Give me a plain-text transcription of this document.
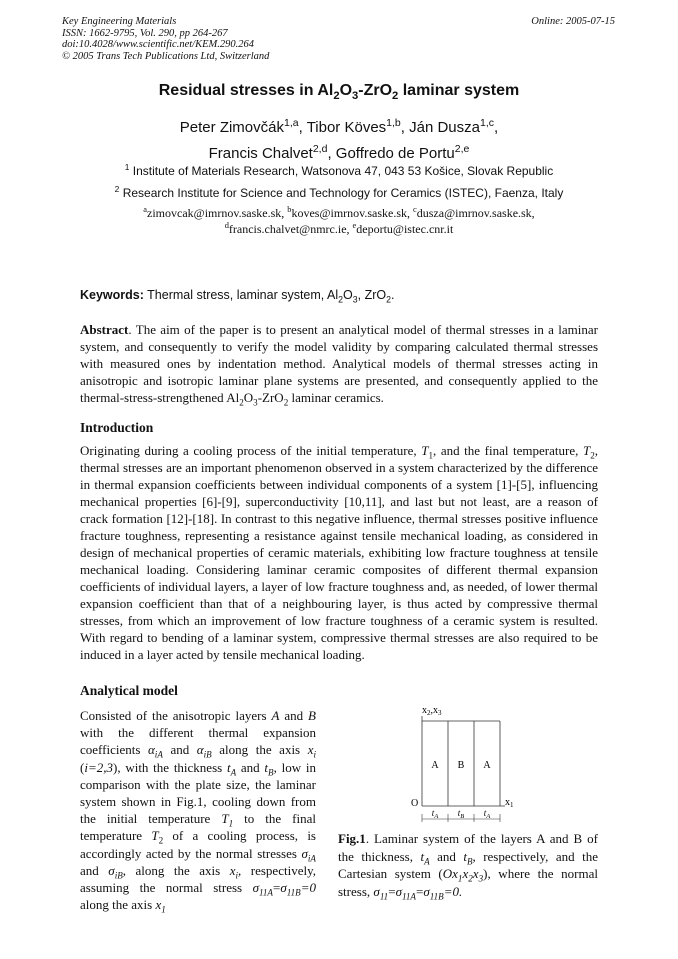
Key Engineering Materials
ISSN: 1662-9795, Vol. 290, pp 264-267
doi:10.4028/www.scientific.net/KEM.290.264
© 2005 Trans Tech Publications Ltd, Switzerland
Online: 2005-07-15
Residual stresses in $Al_2O_3-ZrO_2$ laminar system
Peter Zimovčák$^{1,a}$, Tibor Köves$^{1,b}$, Ján Dusza$^{1,c}$,
Francis Chalvet$^{2,d}$, Goffredo de Portu$^{2,e}$
$^1$ Institute of Materials Research, Watsonova 47, 043 53 Košice, Slovak Republic
$^2$ Research Institute for Science and Technology for Ceramics (ISTEC), Faenza, Italy
$^a$zimovcak@imrnov.saske.sk, $^b$koves@imrnov.saske.sk, $^c$dusza@imrnov.saske.sk,
$^d$francis.chalvet@nmrc.ie, $^e$deportu@istec.cnr.it
Keywords: Thermal stress, laminar system, $Al_2O_3$, ZrO$_2$.
Abstract. The aim of the paper is to present an analytical model of thermal stresses in a laminar system, and consequently to verify the model validity by comparing calculated thermal stresses with measured ones by indentation method. Analytical models of thermal stresses acting in anisotropic and isotropic laminar plane systems are presented, and consequently applied to the thermal-stress-strengthened $Al_2O_3-ZrO_2$ laminar ceramics.
Introduction
Originating during a cooling process of the initial temperature, $T_1$, and the final temperature, $T_2$, thermal stresses are an important phenomenon observed in a system characterized by the difference in thermal expansion coefficients between individual components of a system [1]-[5], influencing mechanical properties [6]-[9], superconductivity [10,11], and last but not least, are a reason of crack formation [12]-[18]. In contrast to this negative influence, thermal stresses positive influence fracture toughness, representing a resistance against tensile mechanical loading, as considered in design of mechanical properties of ceramic materials, exhibiting low fracture toughness at tensile mechanical loading. Considering laminar ceramic composites of different thermal expansion coefficients of individual layers, a layer of low fracture toughness and, as needed, of lower thermal expansion coefficient than that of a neighbouring layer, is thus acted by compressive thermal stresses, from which an improvement of low fracture toughness of a ceramic system is resulted. With regard to bending of a laminar system, compressive thermal stresses are also required to be induced in a layer acted by tensile mechanical loading.
Analytical model
Consisted of the anisotropic layers A and B with the different thermal expansion coefficients $\alpha_{iA}$ and $\alpha_{iB}$ along the axis $x_i$ (i=2,3), with the thickness $t_A$ and $t_B$, low in comparison with the plate size, the laminar system shown in Fig.1, cooling down from the initial temperature $T_1$ to the final temperature $T_2$ of a cooling process, is accordingly acted by the normal stresses $\sigma_{iA}$ and $\sigma_{iB}$, along the axis $x_i$, respectively, assuming the normal stress $\sigma_{11A}=\sigma_{11B}=0$ along the axis $x_1$
$x_2,x_3$
A B A
O	$x_1$
$t_A$ $t_B$ $t_A$
Fig.1. Laminar system of the layers A and B of the thickness, $t_A$ and $t_B$, respectively, and the Cartesian system $(Ox_1x_2x_3)$, where the normal stress, $\sigma_{11}=\sigma_{11A}=\sigma_{11B}=0$.
